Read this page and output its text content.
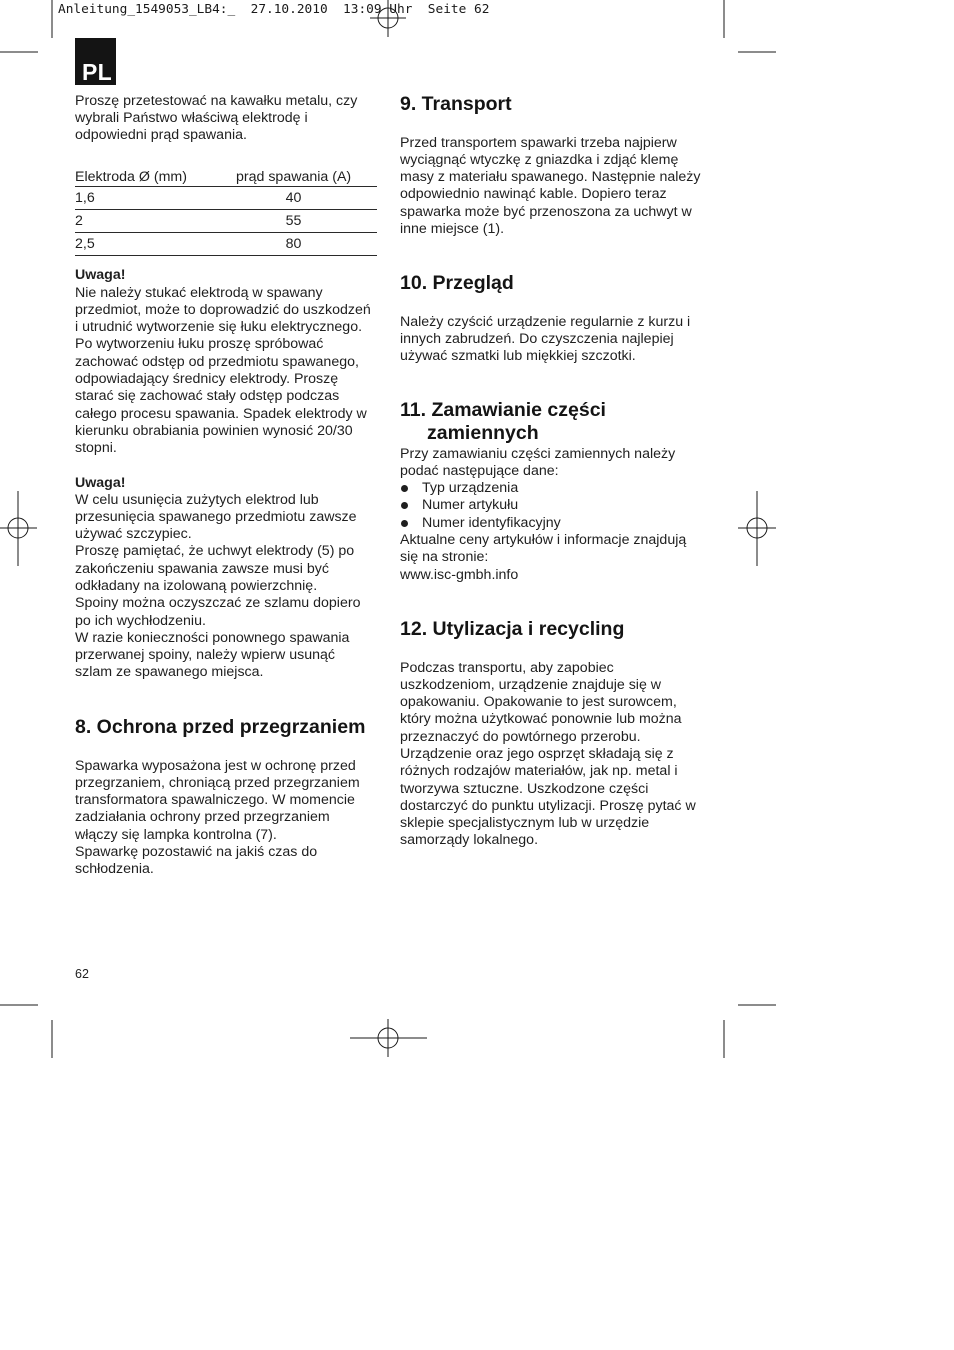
Anleitung_1549053_LB4:_  27.10.2010  13:09 Uhr  Seite 62
PL
Proszę przetestować na kawałku metalu, czy
wybrali Państwo właściwą elektrodę i
odpowiedni prąd spawania.
Elektroda Ø (mm)	prąd spawania (A)
1,6	40
2	55
2,5	80
Uwaga!
Nie należy stukać elektrodą w spawany
przedmiot, może to doprowadzić do uszkodzeń
i utrudnić wytworzenie się łuku elektrycznego.
Po wytworzeniu łuku proszę spróbować
zachować odstęp od przedmiotu spawanego,
odpowiadający średnicy elektrody. Proszę
starać się zachować stały odstęp podczas
całego procesu spawania. Spadek elektrody w
kierunku obrabiania powinien wynosić 20/30
stopni.
Uwaga!
W celu usunięcia zużytych elektrod lub
przesunięcia spawanego przedmiotu zawsze
używać szczypiec.
Proszę pamiętać, że uchwyt elektrody (5) po
zakończeniu spawania zawsze musi być
odkładany na izolowaną powierzchnię.
Spoiny można oczyszczać ze szlamu dopiero
po ich wychłodzeniu.
W razie konieczności ponownego spawania
przerwanej spoiny, należy wpierw usunąć
szlam ze spawanego miejsca.
8. Ochrona przed przegrzaniem
Spawarka wyposażona jest w ochronę przed
przegrzaniem, chroniącą przed przegrzaniem
transformatora spawalniczego. W momencie
zadziałania ochrony przed przegrzaniem
włączy się lampka kontrolna (7).
Spawarkę pozostawić na jakiś czas do
schłodzenia.
62
9. Transport
Przed transportem spawarki trzeba najpierw
wyciągnąć wtyczkę z gniazdka i zdjąć klemę
masy z materiału spawanego. Następnie należy
odpowiednio nawinąć kable. Dopiero teraz
spawarka może być przenoszona za uchwyt w
inne miejsce (1).
10. Przegląd
Należy czyścić urządzenie regularnie z kurzu i
innych zabrudzeń. Do czyszczenia najlepiej
używać szmatki lub miękkiej szczotki.
11. Zamawianie części
zamiennych
Przy zamawianiu części zamiennych należy
podać następujące dane:
Typ urządzenia
Numer artykułu
Numer identyfikacyjny
Aktualne ceny artykułów i informacje znajdują
się na stronie:
www.isc-gmbh.info
12. Utylizacja i recycling
Podczas transportu, aby zapobiec
uszkodzeniom, urządzenie znajduje się w
opakowaniu. Opakowanie to jest surowcem,
który można użytkować ponownie lub można
przeznaczyć do powtórnego przerobu.
Urządzenie oraz jego osprzęt składają się z
różnych rodzajów materiałów, jak np. metal i
tworzywa sztuczne. Uszkodzone części
dostarczyć do punktu utylizacji. Proszę pytać w
sklepie specjalistycznym lub w urzędzie
samorządy lokalnego.
